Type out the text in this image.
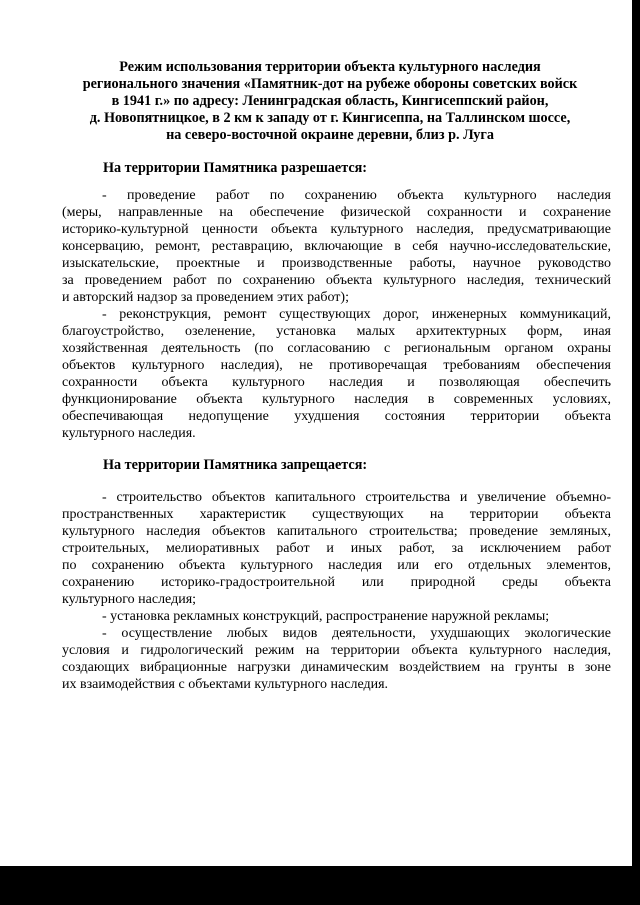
Режим использования территории объекта культурного наследия
регионального значения «Памятник-дот на рубеже обороны советских войск
в 1941 г.» по адресу: Ленинградская область, Кингисеппский район,
д. Новопятницкое, в 2 км к западу от г. Кингисеппа, на Таллинском шоссе,
на северо-восточной окраине деревни, близ р. Луга
На территории Памятника разрешается:
- проведение работ по сохранению объекта культурного наследия
(меры, направленные на обеспечение физической сохранности и сохранение
историко-культурной ценности объекта культурного наследия, предусматривающие
консервацию, ремонт, реставрацию, включающие в себя научно-исследовательские,
изыскательские, проектные и производственные работы, научное руководство
за проведением работ по сохранению объекта культурного наследия, технический
и авторский надзор за проведением этих работ);
- реконструкция, ремонт существующих дорог, инженерных коммуникаций,
благоустройство, озеленение, установка малых архитектурных форм, иная
хозяйственная деятельность (по согласованию с региональным органом охраны
объектов культурного наследия), не противоречащая требованиям обеспечения
сохранности объекта культурного наследия и позволяющая обеспечить
функционирование объекта культурного наследия в современных условиях,
обеспечивающая недопущение ухудшения состояния территории объекта
культурного наследия.
На территории Памятника запрещается:
- строительство объектов капитального строительства и увеличение объемно-
пространственных характеристик существующих на территории объекта
культурного наследия объектов капитального строительства; проведение земляных,
строительных, мелиоративных работ и иных работ, за исключением работ
по сохранению объекта культурного наследия или его отдельных элементов,
сохранению историко-градостроительной или природной среды объекта
культурного наследия;
- установка рекламных конструкций, распространение наружной рекламы;
- осуществление любых видов деятельности, ухудшающих экологические
условия и гидрологический режим на территории объекта культурного наследия,
создающих вибрационные нагрузки динамическим воздействием на грунты в зоне
их взаимодействия с объектами культурного наследия.
